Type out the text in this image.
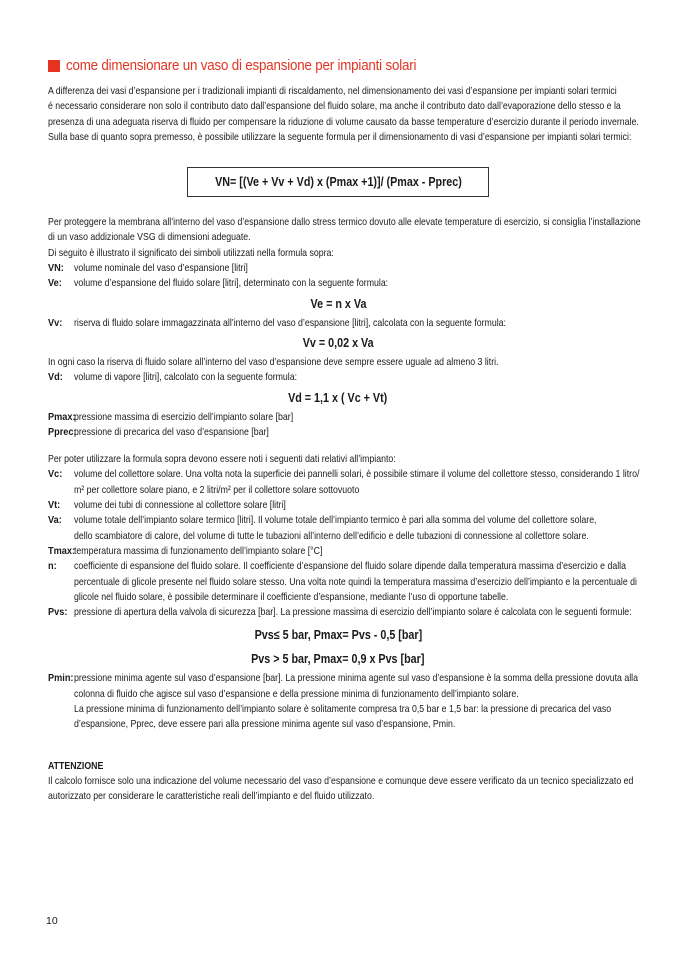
come dimensionare un vaso di espansione per impianti solari
A differenza dei vasi d’espansione per i tradizionali impianti di riscaldamento, nel dimensionamento dei vasi d’espansione per impianti solari termici
é necessario considerare non solo il contributo dato dall’espansione del fluido solare, ma anche il contributo dato dall’evaporazione dello stesso e la
presenza di una adeguata riserva di fluido per compensare la riduzione di volume causato da basse temperature d’esercizio durante il periodo invernale.
Sulla base di quanto sopra premesso, è possibile utilizzare la seguente formula per il dimensionamento di vasi d’espansione per impianti solari termici:
VN= [(Ve + Vv + Vd) x (Pmax +1)]/ (Pmax - Pprec)
Per proteggere la membrana all’interno del vaso d’espansione dallo stress termico dovuto alle elevate temperature di esercizio, si consiglia l’installazione
di un vaso addizionale VSG di dimensioni adeguate.
Di seguito è illustrato il significato dei simboli utilizzati nella formula sopra:
VN:	volume nominale del vaso d’espansione [litri]
Ve:	volume d’espansione del fluido solare [litri], determinato con la seguente formula:
Ve = n x Va
Vv:	riserva di fluido solare immagazzinata all’interno del vaso d’espansione [litri], calcolata con la seguente formula:
Vv = 0,02 x Va
In ogni caso la riserva di fluido solare all’interno del vaso d’espansione deve sempre essere uguale ad almeno 3 litri.
Vd:	volume di vapore [litri], calcolato con la seguente formula:
Vd = 1,1 x ( Vc + Vt)
Pmax:
pressione massima di esercizio dell’impianto solare [bar]
Pprec:
pressione di precarica del vaso d’espansione [bar]
Per poter utilizzare la formula sopra devono essere noti i seguenti dati relativi all’impianto:
Vc:	volume del collettore solare. Una volta nota la superficie dei pannelli solari, è possibile stimare il volume del collettore stesso, considerando 1 litro/
m² per collettore solare piano, e 2 litri/m² per il collettore solare sottovuoto
Vt:	volume dei tubi di connessione al collettore solare [litri]
Va:	volume totale dell’impianto solare termico [litri]. Il volume totale dell’impianto termico è pari alla somma del volume del collettore solare,
dello scambiatore di calore, del volume di tutte le tubazioni all’interno dell’edificio e delle tubazioni di connessione al collettore solare.
Tmax:
temperatura massima di funzionamento dell’impianto solare [°C]
n:	coefficiente di espansione del fluido solare. Il coefficiente d’espansione del fluido solare dipende dalla temperatura massima d’esercizio e dalla
percentuale di glicole presente nel fluido solare stesso. Una volta note quindi la temperatura massima d’esercizio dell’impianto e la percentuale di
glicole nel fluido solare, è possibile determinare il coefficiente d’espansione, mediante l’uso di opportune tabelle.
Pvs: pressione di apertura della valvola di sicurezza [bar]. La pressione massima di esercizio dell’impianto solare é calcolata con le seguenti formule:
Pvs≤ 5 bar, Pmax= Pvs - 0,5 [bar]
Pvs > 5 bar, Pmax= 0,9 x Pvs [bar]
Pmin: pressione minima agente sul vaso d’espansione [bar]. La pressione minima agente sul vaso d’espansione è la somma della pressione dovuta alla
colonna di fluido che agisce sul vaso d’espansione e della pressione minima di funzionamento dell’impianto solare.
La pressione minima di funzionamento dell’impianto solare è solitamente compresa tra 0,5 bar e 1,5 bar: la pressione di precarica del vaso
d’espansione, Pprec, deve essere pari alla pressione minima agente sul vaso d’espansione, Pmin.
ATTENZIONE
Il calcolo fornisce solo una indicazione del volume necessario del vaso d’espansione e comunque deve essere verificato da un tecnico specializzato ed
autorizzato per considerare le caratteristiche reali dell’impianto e del fluido utilizzato.
10
